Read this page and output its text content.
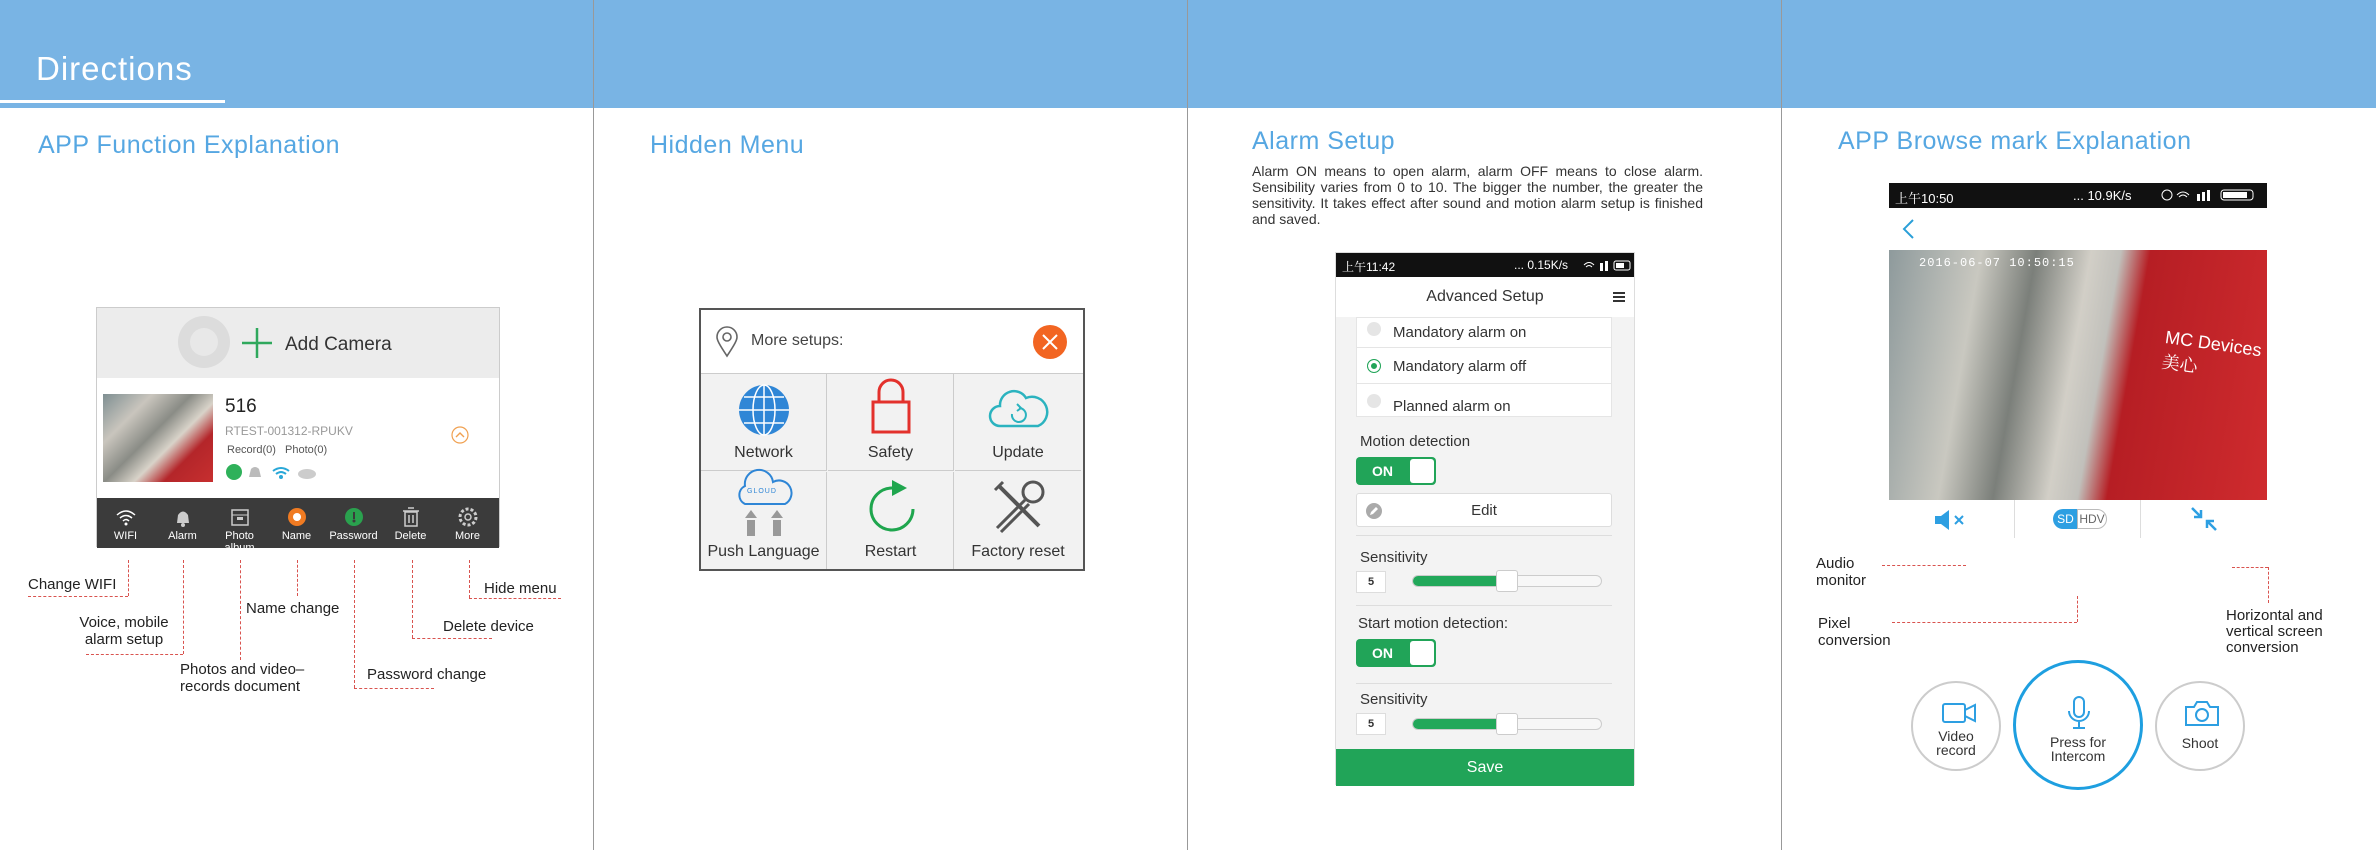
Directions
APP Function Explanation
Add Camera
516
RTEST-001312-RPUKV
Record(0) Photo(0)
WIFI	Alarm	Photo album
Name	Password	Delete	More
Change WIFI
Voice, mobile
alarm setup
Photos and video–
records document
Name change
Password change
Delete device
Hide menu
Hidden Menu
More setups:
Network	Safety	Update
GLOUD
Push Language	Restart	Factory reset
Alarm Setup
Alarm ON means to open alarm, alarm OFF means to close alarm. Sensibility varies from 0 to 10. The bigger the number, the greater the sensitivity. It takes effect after sound and motion alarm setup is finished and saved.
上午11:42	... 0.15K/s
Advanced Setup
Mandatory alarm on
Mandatory alarm off
Planned alarm on
Motion detection
ON
Edit
Sensitivity
5
Start motion detection:
ON
Sensitivity
5
Save
APP Browse mark Explanation
上午10:50	... 10.9K/s
2016-06-07 10:50:15
MC Devices 美心
SD HDV
Audio
monitor
Pixel
conversion
Horizontal and
vertical screen
conversion
Video
record	Press for
Intercom
Shoot
